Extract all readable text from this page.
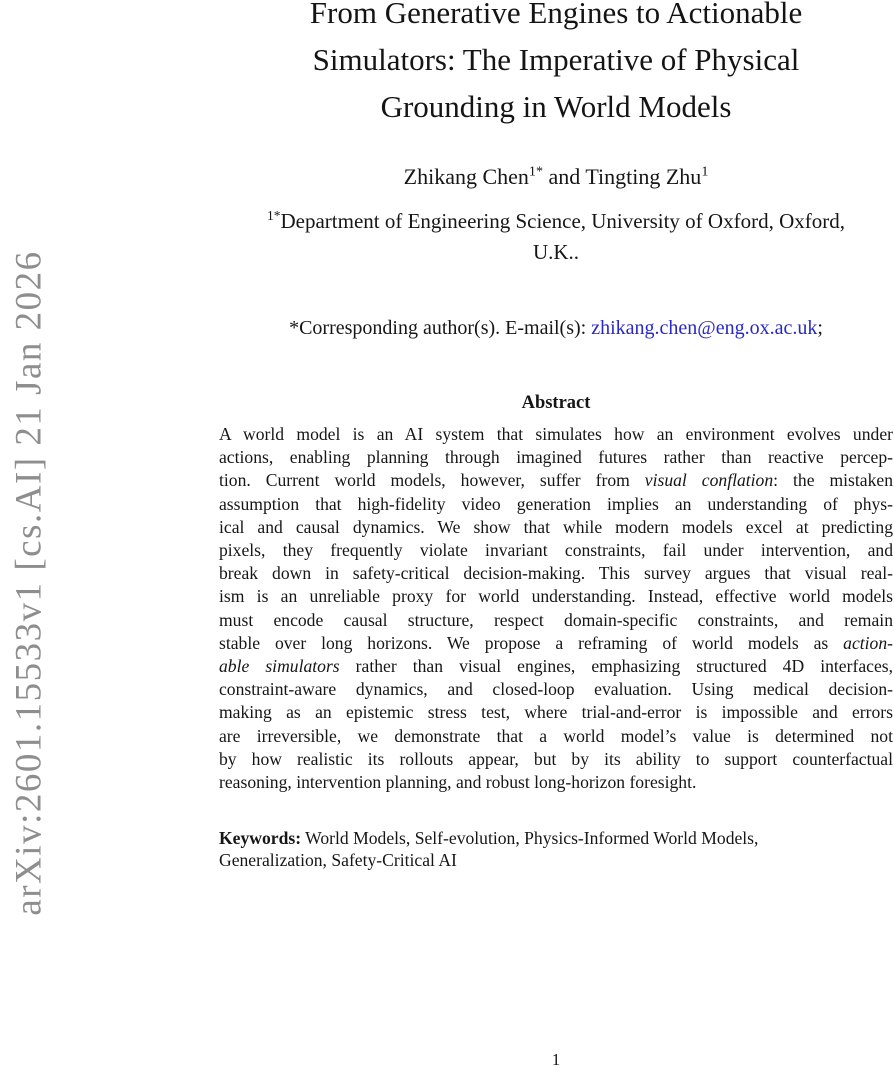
arXiv:2601.15533v1 [cs.AI] 21 Jan 2026
From Generative Engines to Actionable
Simulators: The Imperative of Physical
Grounding in World Models
Zhikang Chen$^{1*}$ and Tingting Zhu$^1$
$^{1*}$Department of Engineering Science, University of Oxford, Oxford,
U.K..
*Corresponding author(s). E-mail(s): zhikang.chen@eng.ox.ac.uk;
Abstract
A world model is an AI system that simulates how an environment evolves under
actions, enabling planning through imagined futures rather than reactive percep-
tion. Current world models, however, suffer from visual conflation: the mistaken
assumption that high-fidelity video generation implies an understanding of phys-
ical and causal dynamics. We show that while modern models excel at predicting
pixels, they frequently violate invariant constraints, fail under intervention, and
break down in safety-critical decision-making. This survey argues that visual real-
ism is an unreliable proxy for world understanding. Instead, effective world models
must encode causal structure, respect domain-specific constraints, and remain
stable over long horizons. We propose a reframing of world models as action-
able simulators rather than visual engines, emphasizing structured 4D interfaces,
constraint-aware dynamics, and closed-loop evaluation. Using medical decision-
making as an epistemic stress test, where trial-and-error is impossible and errors
are irreversible, we demonstrate that a world model’s value is determined not
by how realistic its rollouts appear, but by its ability to support counterfactual
reasoning, intervention planning, and robust long-horizon foresight.

Keywords: World Models, Self-evolution, Physics-Informed World Models,
Generalization, Safety-Critical AI

1
